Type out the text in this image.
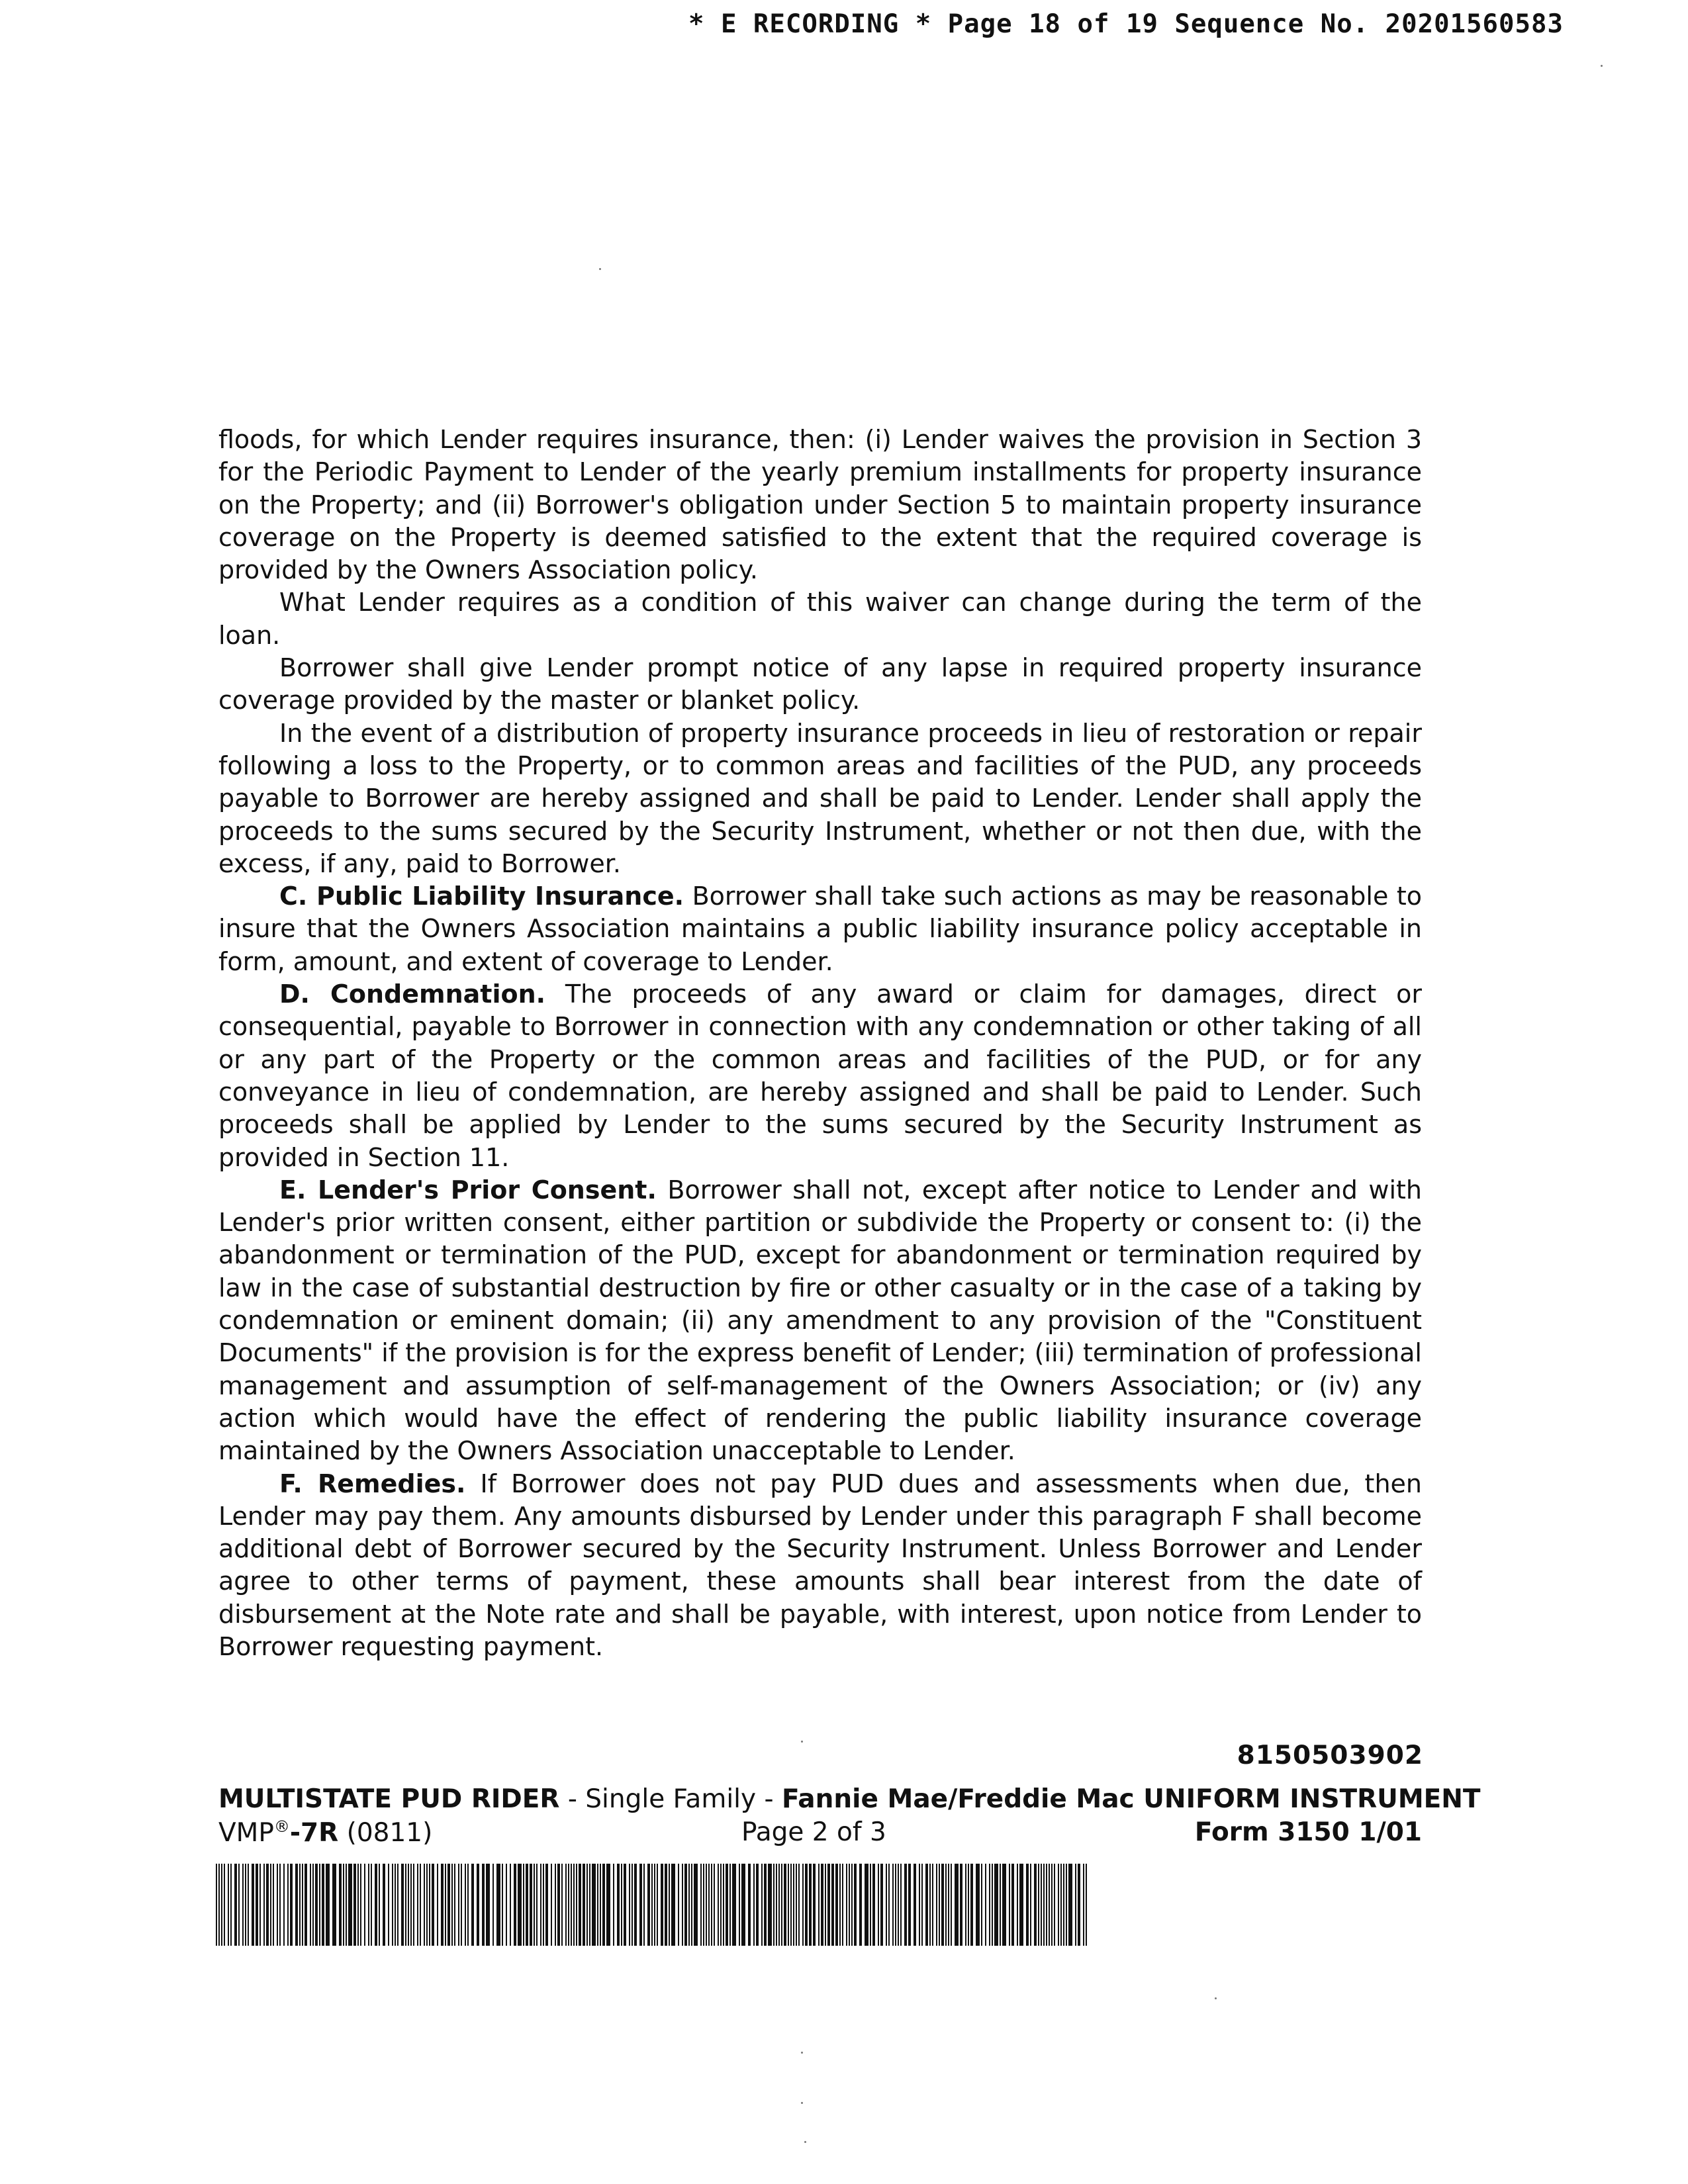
* E RECORDING * Page 18 of 19 Sequence No. 20201560583

floods, for which Lender requires insurance, then: (i) Lender waives the provision in Section 3 for the Periodic Payment to Lender of the yearly premium installments for property insurance on the Property; and (ii) Borrower's obligation under Section 5 to maintain property insurance coverage on the Property is deemed satisfied to the extent that the required coverage is provided by the Owners Association policy.

What Lender requires as a condition of this waiver can change during the term of the loan.

Borrower shall give Lender prompt notice of any lapse in required property insurance coverage provided by the master or blanket policy.

In the event of a distribution of property insurance proceeds in lieu of restoration or repair following a loss to the Property, or to common areas and facilities of the PUD, any proceeds payable to Borrower are hereby assigned and shall be paid to Lender. Lender shall apply the proceeds to the sums secured by the Security Instrument, whether or not then due, with the excess, if any, paid to Borrower.

C. Public Liability Insurance. Borrower shall take such actions as may be reasonable to insure that the Owners Association maintains a public liability insurance policy acceptable in form, amount, and extent of coverage to Lender.

D. Condemnation. The proceeds of any award or claim for damages, direct or consequential, payable to Borrower in connection with any condemnation or other taking of all or any part of the Property or the common areas and facilities of the PUD, or for any conveyance in lieu of condemnation, are hereby assigned and shall be paid to Lender. Such proceeds shall be applied by Lender to the sums secured by the Security Instrument as provided in Section 11.

E. Lender's Prior Consent. Borrower shall not, except after notice to Lender and with Lender's prior written consent, either partition or subdivide the Property or consent to: (i) the abandonment or termination of the PUD, except for abandonment or termination required by law in the case of substantial destruction by fire or other casualty or in the case of a taking by condemnation or eminent domain; (ii) any amendment to any provision of the "Constituent Documents" if the provision is for the express benefit of Lender; (iii) termination of professional management and assumption of self-management of the Owners Association; or (iv) any action which would have the effect of rendering the public liability insurance coverage maintained by the Owners Association unacceptable to Lender.

F. Remedies. If Borrower does not pay PUD dues and assessments when due, then Lender may pay them. Any amounts disbursed by Lender under this paragraph F shall become additional debt of Borrower secured by the Security Instrument. Unless Borrower and Lender agree to other terms of payment, these amounts shall bear interest from the date of disbursement at the Note rate and shall be payable, with interest, upon notice from Lender to Borrower requesting payment.

8150503902
MULTISTATE PUD RIDER - Single Family - Fannie Mae/Freddie Mac UNIFORM INSTRUMENT
VMP®-7R (0811)	Page 2 of 3	Form 3150 1/01
